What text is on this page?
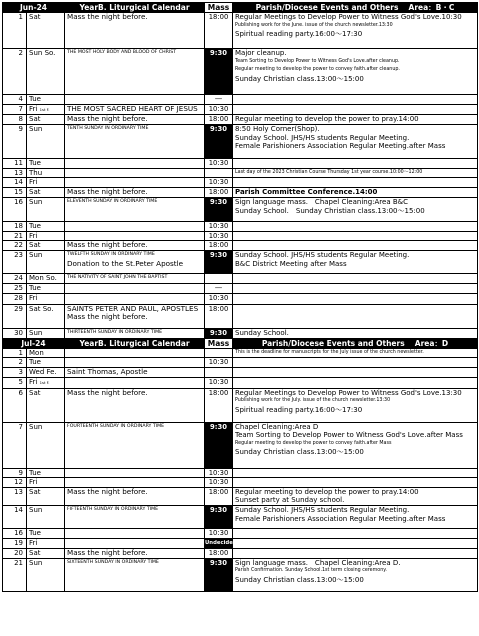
Jun-24		YearB. Liturgical Calendar	Mass	Parish/Diocese Events and Others　 Area：B・C
1	Sat	Mass the night before.	18:00	Regular Meetings to Develop Power to Witness God's Love.10:30
Publishing work for the June. issue of the church newsletter.13:30
Spiritual reading party.16:00～17:30

2	Sun So.	THE MOST HOLY BODY AND BLOOD OF CHRIST	9:30	Major cleanup.
Team Sorting to Develop Power to Witness God's Love.after cleanup.
Regular meeting to develop the power to convey faith.after cleanup.
Sunday Christian class.13:00～15:00

4	Tue		―	
7	Fri 1st F.	THE MOST SACRED HEART OF JESUS	10:30	
8	Sat	Mass the night before.	18:00	Regular meeting to develop the power to pray.14:00

9	Sun	TENTH SUNDAY IN ORDINARY TIME	9:30	8:50 Holy Corner(Shop).
Sunday School. JHS/HS students Regular Meeting.
Female Parishioners Association Regular Meeting.after Mass

11	Tue		10:30	
13	Thu			Last day of the 2023 Christian Course Thursday 1st year course.10:00～12:00

14	Fri		10:30	
15	Sat	Mass the night before.	18:00	Parish Committee Conference.14:00

16	Sun	ELEVENTH SUNDAY IN ORDINARY TIME	9:30	Sign language mass.　Chapel Cleaning:Area B&C
Sunday School.　Sunday Christian class.13:00～15:00

18	Tue		10:30	
21	Fri		10:30	
22	Sat	Mass the night before.	18:00	
23	Sun	TWELFTH SUNDAY IN ORDINARY TIME
Donation to the St.Peter Apostle	9:30	Sunday School. JHS/HS students Regular Meeting.
B&C District Meeting after Mass

24	Mon So.	THE NATIVITY OF SAINT JOHN THE BAPTIST		

25	Tue		―	
28	Fri		10:30	
29	Sat So.	SAINTS PETER AND PAUL, APOSTLES
Mass the night before.	18:00	
30	Sun	THIRTEENTH SUNDAY IN ORDINARY TIME	9:30	Sunday School.

Jul-24		YearB. Liturgical Calendar	Mass	Parish/Diocese Events and Others　 Area：D
1	Mon			This is the deadline for manuscripts for the July issue of the church newsletter.

2	Tue		10:30	
3	Wed Fe.	Saint Thomas, Apostle		

5	Fri 1st F.		10:30	
6	Sat	Mass the night before.	18:00	Regular Meetings to Develop Power to Witness God's Love.13:30
Publishing work for the July. issue of the church newsletter.13:30
Spiritual reading party.16:00～17:30

7	Sun	FOURTEENTH SUNDAY IN ORDINARY TIME	9:30	Chapel Cleaning:Area D
Team Sorting to Develop Power to Witness God's Love.after Mass
Regular meeting to develop the power to convey faith.after Mass
Sunday Christian class.13:00～15:00

9	Tue		10:30	
12	Fri		10:30	
13	Sat	Mass the night before.	18:00	Regular meeting to develop the power to pray.14:00
Sunset party at Sunday school.

14	Sun	FIFTEENTH SUNDAY IN ORDINARY TIME	9:30	Sunday School. JHS/HS students Regular Meeting.
Female Parishioners Association Regular Meeting.after Mass

16	Tue		10:30	
19	Fri		Undecided	
20	Sat	Mass the night before.	18:00	
21	Sun	SIXTEENTH SUNDAY IN ORDINARY TIME	9:30	Sign language mass.　Chapel Cleaning:Area D.
Parish Confirmation. Sunday School.1st term closing ceremony.
Sunday Christian class.13:00～15:00
